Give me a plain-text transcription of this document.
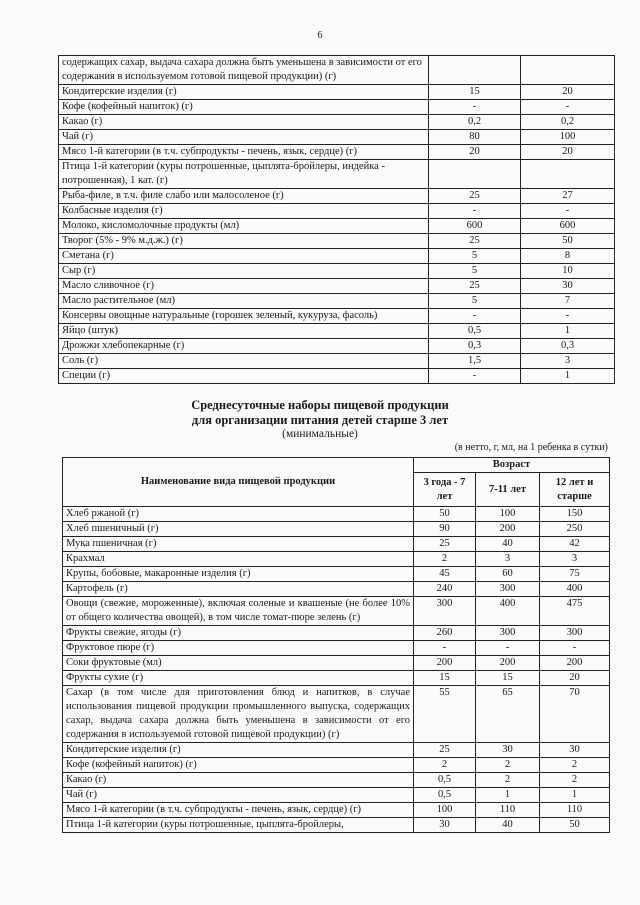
6
содержащих сахар, выдача сахара должна быть уменьшена в зависимости от его содержания в используемом готовой пищевой продукции) (г)		
Кондитерские изделия (г)	15	20
Кофе (кофейный напиток) (г)	-	-
Какао (г)	0,2	0,2
Чай (г)	80	100
Мясо 1-й категории (в т.ч. субпродукты - печень, язык, сердце) (г)	20	20
Птица 1-й категории (куры потрошенные, цыплята-бройлеры, индейка - потрошенная), 1 кат. (г)		
Рыба-филе, в т.ч. филе слабо или малосоленое (г)	25	27
Колбасные изделия (г)	-	-
Молоко, кисломолочные продукты (мл)	600	600
Творог (5% - 9% м.д.ж.) (г)	25	50
Сметана (г)	5	8
Сыр (г)	5	10
Масло сливочное (г)	25	30
Масло растительное (мл)	5	7
Консервы овощные натуральные (горошек зеленый, кукуруза, фасоль)	-	-
Яйцо (штук)	0,5	1
Дрожжи хлебопекарные (г)	0,3	0,3
Соль (г)	1,5	3
Специи (г)	-	1
Среднесуточные наборы пищевой продукции
для организации питания детей старше 3 лет
(минимальные)
(в нетто, г, мл, на 1 ребенка в сутки)
Наименование вида пищевой продукции	Возраст		
	3 года - 7 лет	7-11 лет	12 лет и старше
Хлеб ржаной (г)	50	100	150
Хлеб пшеничный (г)	90	200	250
Мука пшеничная (г)	25	40	42
Крахмал	2	3	3
Крупы, бобовые, макаронные изделия (г)	45	60	75
Картофель (г)	240	300	400
Овощи (свежие, мороженные), включая соленые и квашеные (не более 10% от общего количества овощей), в том числе томат-пюре зелень (г)	300	400	475
Фрукты свежие, ягоды (г)	260	300	300
Фруктовое пюре (г)	-	-	-
Соки фруктовые (мл)	200	200	200
Фрукты сухие (г)	15	15	20
Сахар (в том числе для приготовления блюд и напитков, в случае использования пищевой продукции промышленного выпуска, содержащих сахар, выдача сахара должна быть уменьшена в зависимости от его содержания в используемой готовой пищевой продукции) (г)	55	65	70
Кондитерские изделия (г)	25	30	30
Кофе (кофейный напиток) (г)	2	2	2
Какао (г)	0,5	2	2
Чай (г)	0,5	1	1
Мясо 1-й категории (в т.ч. субпродукты - печень, язык, сердце) (г)	100	110	110
Птица 1-й категории (куры потрошенные, цыплята-бройлеры,	30	40	50
